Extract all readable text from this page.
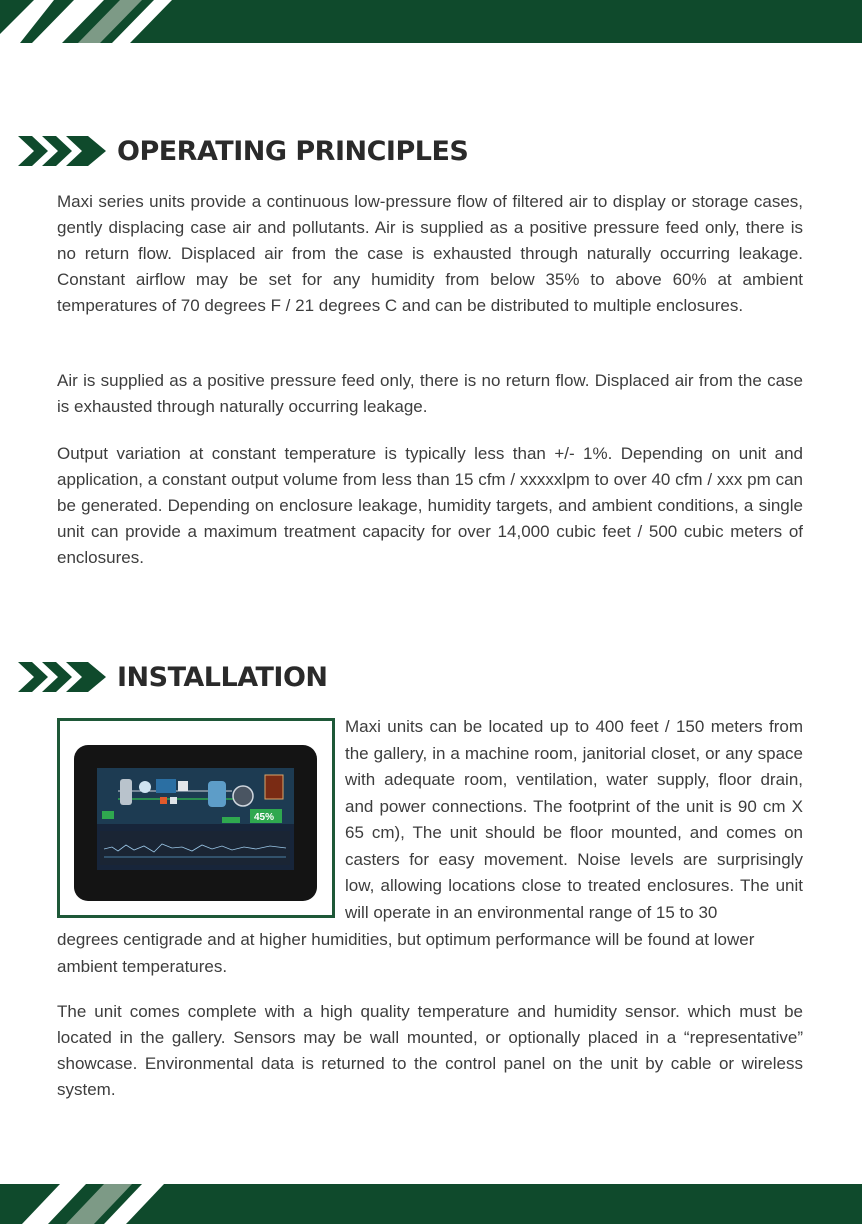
OPERATING PRINCIPLES

Maxi series units provide a continuous low-pressure flow of filtered air to display or storage cases, gently displacing case air and pollutants. Air is supplied as a positive pressure feed only, there is no return flow. Displaced air from the case is exhausted through naturally occurring leakage. Constant airflow may be set for any humidity from below 35% to above 60% at ambient temperatures of 70 degrees F / 21 degrees C and can be distributed to multiple enclosures.

Air is supplied as a positive pressure feed only, there is no return flow. Displaced air from the case is exhausted through naturally occurring leakage.

Output variation at constant temperature is typically less than +/- 1%. Depending on unit and application, a constant output volume from less than 15 cfm / xxxxxlpm to over 40 cfm / xxx pm can be generated. Depending on enclosure leakage, humidity targets, and ambient conditions, a single unit can provide a maximum treatment capacity for over 14,000 cubic feet / 500 cubic meters of enclosures.

INSTALLATION
45%

Maxi units can be located up to 400 feet / 150 meters from the gallery, in a machine room, janitorial closet, or any space with adequate room, ventilation, water supply, floor drain, and power connections. The footprint of the unit is 90 cm X 65 cm), The unit should be floor mounted, and comes on casters for easy movement. Noise levels are surprisingly low, allowing locations close to treated enclosures. The unit will operate in an environmental range of 15 to 30

degrees centigrade and at higher humidities, but optimum performance will be found at lower ambient temperatures.

The unit comes complete with a high quality temperature and humidity sensor. which must be located in the gallery. Sensors may be wall mounted, or optionally placed in a “representative” showcase. Environmental data is returned to the control panel on the unit by cable or wireless system.
